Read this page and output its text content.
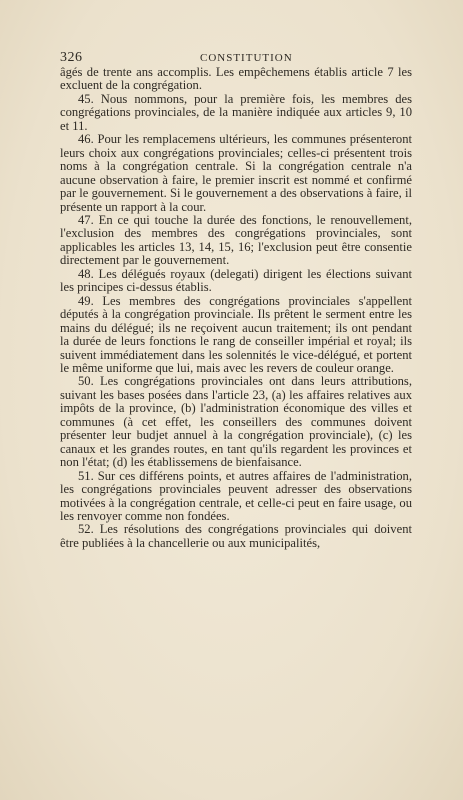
326	CONSTITUTION

âgés de trente ans accomplis. Les empêchemens établis article 7 les excluent de la congrégation.

45. Nous nommons, pour la première fois, les membres des congrégations provinciales, de la manière indiquée aux articles 9, 10 et 11.

46. Pour les remplacemens ultérieurs, les communes présenteront leurs choix aux congrégations provinciales; celles-ci présentent trois noms à la congrégation centrale. Si la congrégation centrale n'a aucune observation à faire, le premier inscrit est nommé et confirmé par le gouvernement. Si le gouvernement a des observations à faire, il présente un rapport à la cour.

47. En ce qui touche la durée des fonctions, le renouvellement, l'exclusion des membres des congrégations provinciales, sont applicables les articles 13, 14, 15, 16; l'exclusion peut être consentie directement par le gouvernement.

48. Les délégués royaux (delegati) dirigent les élections suivant les principes ci-dessus établis.

49. Les membres des congrégations provinciales s'appellent députés à la congrégation provinciale. Ils prêtent le serment entre les mains du délégué; ils ne reçoivent aucun traitement; ils ont pendant la durée de leurs fonctions le rang de conseiller impérial et royal; ils suivent immédiatement dans les solennités le vice-délégué, et portent le même uniforme que lui, mais avec les revers de couleur orange.

50. Les congrégations provinciales ont dans leurs attributions, suivant les bases posées dans l'article 23, (a) les affaires relatives aux impôts de la province, (b) l'administration économique des villes et communes (à cet effet, les conseillers des communes doivent présenter leur budjet annuel à la congrégation provinciale), (c) les canaux et les grandes routes, en tant qu'ils regardent les provinces et non l'état; (d) les établissemens de bienfaisance.

51. Sur ces différens points, et autres affaires de l'administration, les congrégations provinciales peuvent adresser des observations motivées à la congrégation centrale, et celle-ci peut en faire usage, ou les renvoyer comme non fondées.

52. Les résolutions des congrégations provinciales qui doivent être publiées à la chancellerie ou aux municipalités,
